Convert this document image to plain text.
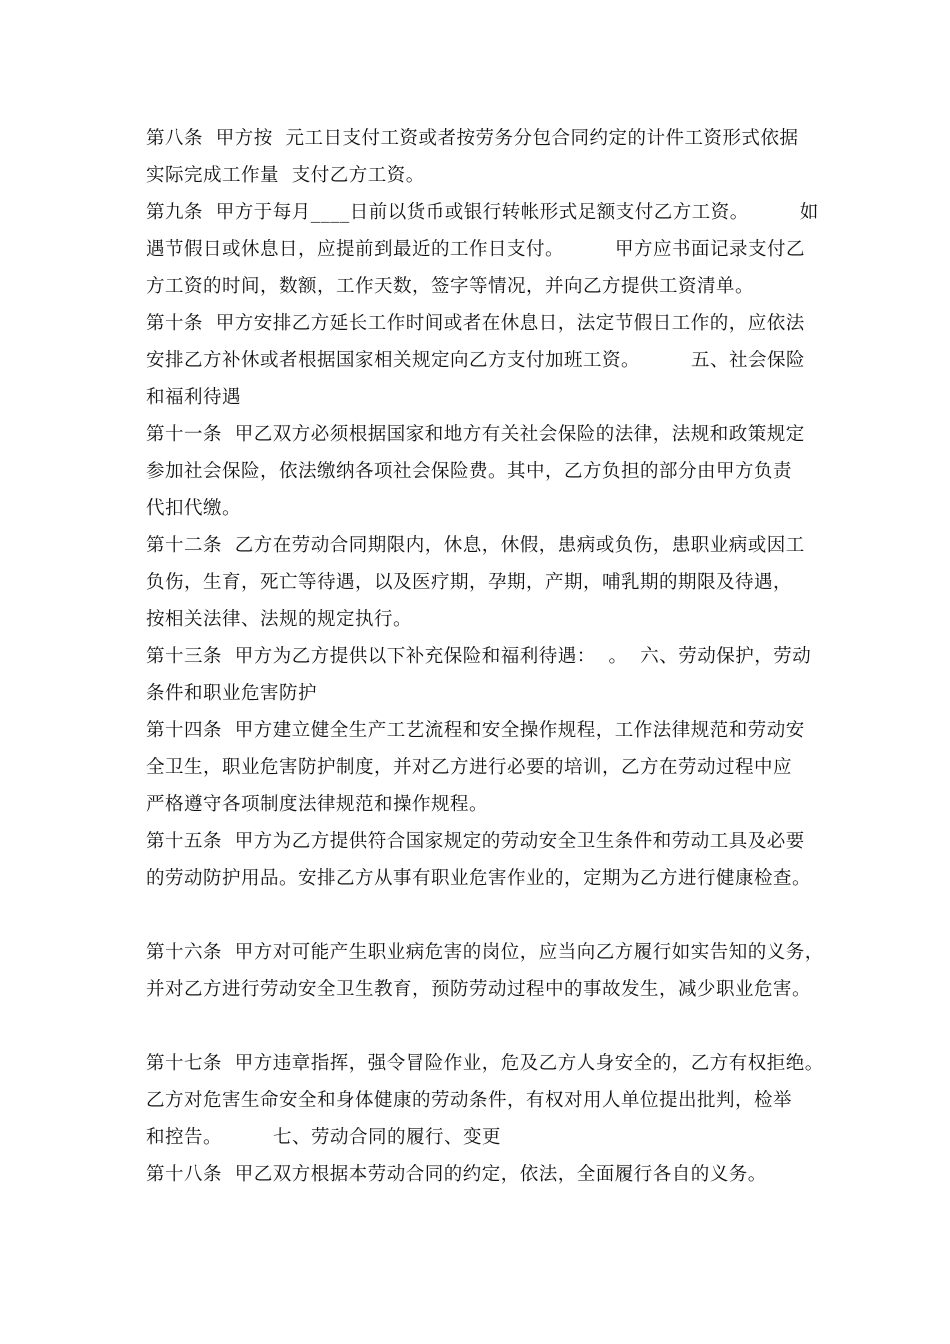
第八条  甲方按  元工日支付工资或者按劳务分包合同约定的计件工资形式依据
实际完成工作量  支付乙方工资。
第九条  甲方于每月____日前以货币或银行转帐形式足额支付乙方工资。        如
遇节假日或休息日，应提前到最近的工作日支付。        甲方应书面记录支付乙
方工资的时间，数额，工作天数，签字等情况，并向乙方提供工资清单。
第十条  甲方安排乙方延长工作时间或者在休息日，法定节假日工作的，应依法
安排乙方补休或者根据国家相关规定向乙方支付加班工资。        五、社会保险
和福利待遇
第十一条  甲乙双方必须根据国家和地方有关社会保险的法律，法规和政策规定
参加社会保险，依法缴纳各项社会保险费。其中，乙方负担的部分由甲方负责
代扣代缴。
第十二条  乙方在劳动合同期限内，休息，休假，患病或负伤，患职业病或因工
负伤，生育，死亡等待遇，以及医疗期，孕期，产期，哺乳期的期限及待遇，
按相关法律、法规的规定执行。
第十三条  甲方为乙方提供以下补充保险和福利待遇：  。  六、劳动保护，劳动
条件和职业危害防护
第十四条  甲方建立健全生产工艺流程和安全操作规程，工作法律规范和劳动安
全卫生，职业危害防护制度，并对乙方进行必要的培训，乙方在劳动过程中应
严格遵守各项制度法律规范和操作规程。
第十五条  甲方为乙方提供符合国家规定的劳动安全卫生条件和劳动工具及必要
的劳动防护用品。安排乙方从事有职业危害作业的，定期为乙方进行健康检查。
第十六条  甲方对可能产生职业病危害的岗位，应当向乙方履行如实告知的义务，
并对乙方进行劳动安全卫生教育，预防劳动过程中的事故发生，减少职业危害。
第十七条  甲方违章指挥，强令冒险作业，危及乙方人身安全的，乙方有权拒绝。
乙方对危害生命安全和身体健康的劳动条件，有权对用人单位提出批判，检举
和控告。        七、劳动合同的履行、变更
第十八条  甲乙双方根据本劳动合同的约定，依法，全面履行各自的义务。
